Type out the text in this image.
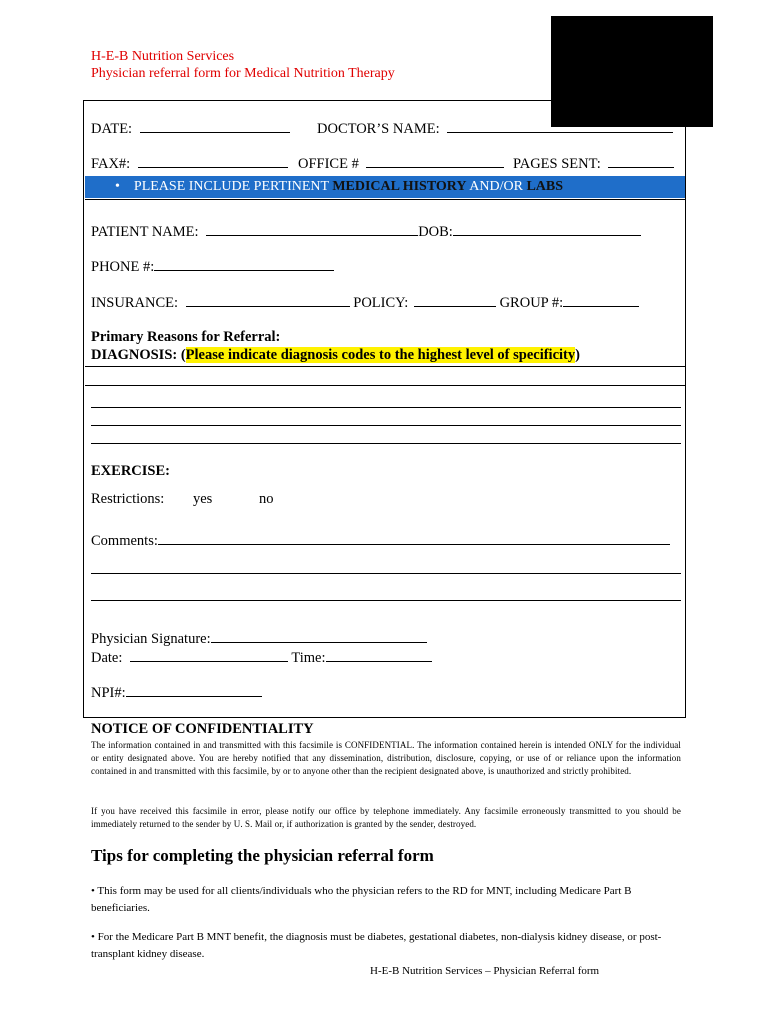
H-E-B Nutrition Services
Physician referral form for Medical Nutrition Therapy
DATE:	DOCTOR’S NAME:
FAX#:	OFFICE #	PAGES SENT:
• PLEASE INCLUDE PERTINENT MEDICAL HISTORY AND/OR LABS
PATIENT NAME:	DOB:
PHONE #:
INSURANCE:	POLICY:	GROUP #:
Primary Reasons for Referral:
DIAGNOSIS: (Please indicate diagnosis codes to the highest level of specificity)
EXERCISE:
Restrictions: yes	no
Comments:
Physician Signature:
Date:	Time:
NPI#:
NOTICE OF CONFIDENTIALITY
The information contained in and transmitted with this facsimile is CONFIDENTIAL. The information contained herein is intended ONLY for the individual or entity designated above. You are hereby notified that any dissemination, distribution, disclosure, copying, or use of or reliance upon the information contained in and transmitted with this facsimile, by or to anyone other than the recipient designated above, is unauthorized and strictly prohibited.
If you have received this facsimile in error, please notify our office by telephone immediately. Any facsimile erroneously transmitted to you should be immediately returned to the sender by U. S. Mail or, if authorization is granted by the sender, destroyed.
Tips for completing the physician referral form
• This form may be used for all clients/individuals who the physician refers to the RD for MNT, including Medicare Part B beneficiaries.
• For the Medicare Part B MNT benefit, the diagnosis must be diabetes, gestational diabetes, non-dialysis kidney disease, or post-transplant kidney disease.
H-E-B Nutrition Services – Physician Referral form
